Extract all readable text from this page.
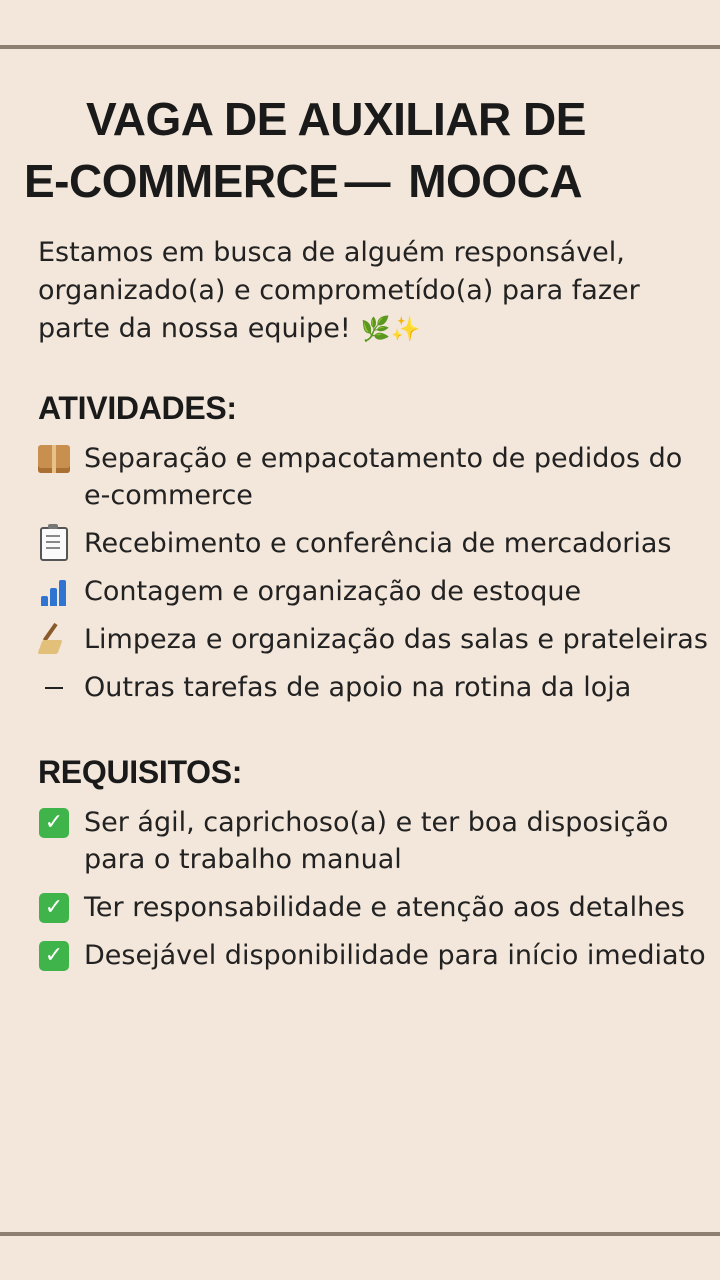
VAGA DE AUXILIAR DE
E-COMMERCE — MOOCA
Estamos em busca de alguém responsável, organizado(a) e comprometído(a) para fazer parte da nossa equipe! 🌿✨
ATIVIDADES:
Separação e empacotamento de pedidos do e-commerce
Recebimento e conferência de mercadorias
Contagem e organização de estoque
Limpeza e organização das salas e prateleiras
Outras tarefas de apoio na rotina da loja
REQUISITOS:
✓ Ser ágil, caprichoso(a) e ter boa disposição para o trabalho manual
✓ Ter responsabilidade e atenção aos detalhes
✓ Desejável disponibilidade para início imediato
